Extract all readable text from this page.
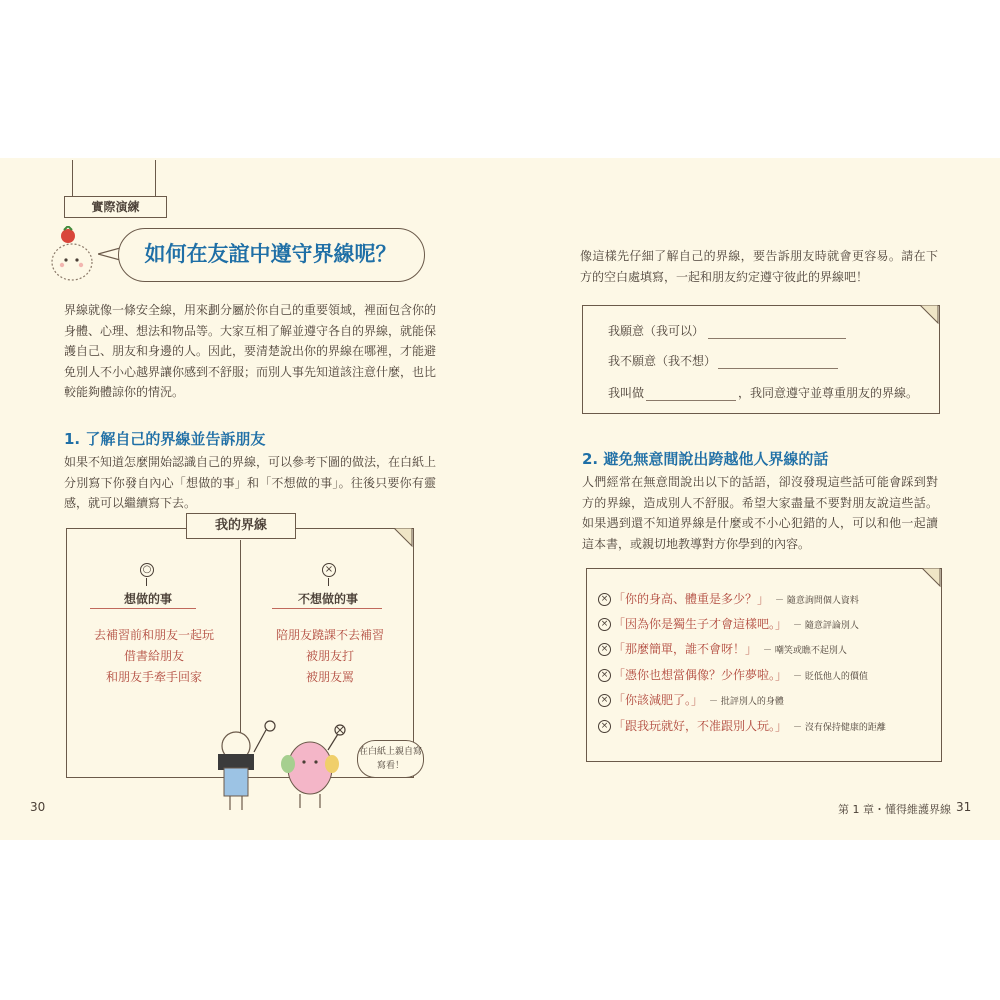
實際演練
如何在友誼中遵守界線呢？
界線就像一條安全線，用來劃分屬於你自己的重要領域，裡面包含你的身體、心理、想法和物品等。大家互相了解並遵守各自的界線，就能保護自己、朋友和身邊的人。因此，要清楚說出你的界線在哪裡，才能避免別人不小心越界讓你感到不舒服；而別人事先知道該注意什麼，也比較能夠體諒你的情況。
1. 了解自己的界線並告訴朋友
如果不知道怎麼開始認識自己的界線，可以參考下圖的做法，在白紙上分別寫下你發自內心「想做的事」和「不想做的事」。往後只要你有靈感，就可以繼續寫下去。
我的界線
○
想做的事
去補習前和朋友一起玩
借書給朋友
和朋友手牽手回家
×
不想做的事
陪朋友蹺課不去補習
被朋友打
被朋友罵
在白紙上親自寫寫看！
30
像這樣先仔細了解自己的界線，要告訴朋友時就會更容易。請在下方的空白處填寫，一起和朋友約定遵守彼此的界線吧！
我願意（我可以）
我不願意（我不想）
我叫做	，我同意遵守並尊重朋友的界線。
2. 避免無意間說出跨越他人界線的話
人們經常在無意間說出以下的話語，卻沒發現這些話可能會踩到對方的界線，造成別人不舒服。希望大家盡量不要對朋友說這些話。如果遇到還不知道界線是什麼或不小心犯錯的人，可以和他一起讀這本書，或親切地教導對方你學到的內容。
× 「你的身高、體重是多少？」 － 隨意詢問個人資料
× 「因為你是獨生子才會這樣吧。」 － 隨意評論別人
× 「那麼簡單，誰不會呀！」 － 嘲笑或瞧不起別人
× 「憑你也想當偶像？少作夢啦。」 － 貶低他人的價值
× 「你該減肥了。」 － 批評別人的身體
× 「跟我玩就好，不准跟別人玩。」 － 沒有保持健康的距離
第 1 章・懂得維護界線 31
